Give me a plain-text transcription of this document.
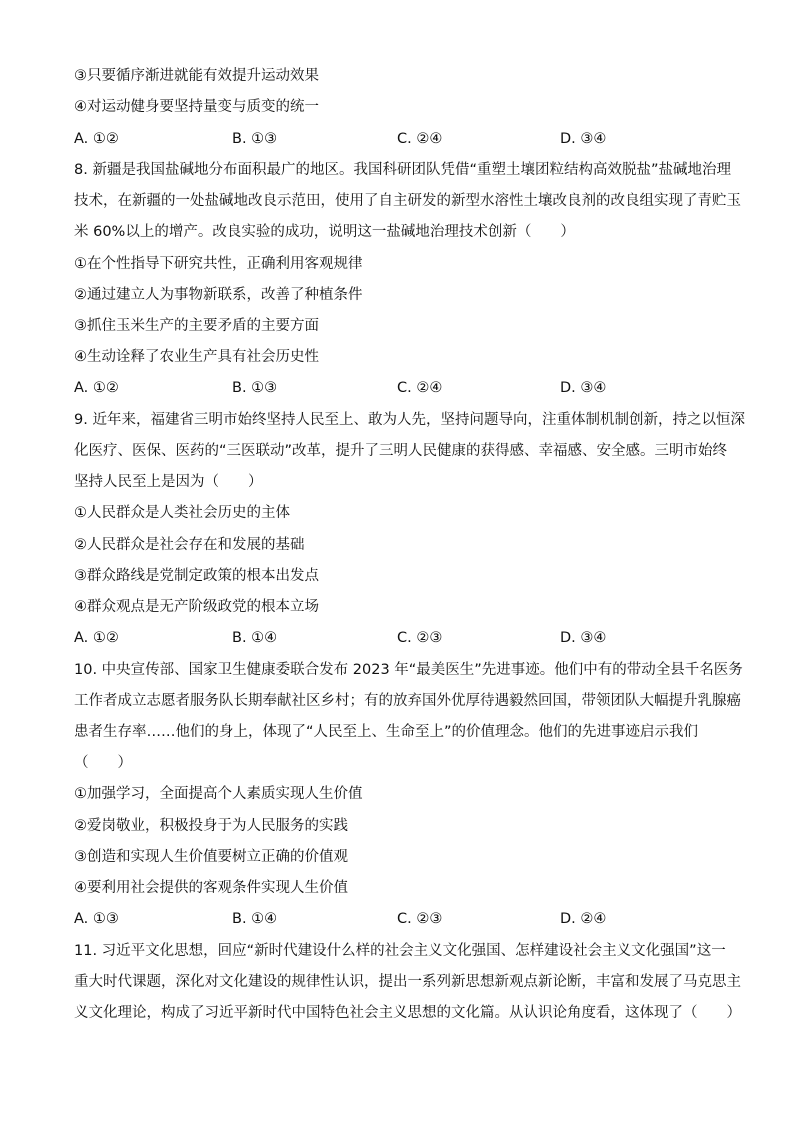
③只要循序渐进就能有效提升运动效果
④对运动健身要坚持量变与质变的统一
A. ①②	B. ①③	C. ②④	D. ③④
8. 新疆是我国盐碱地分布面积最广的地区。我国科研团队凭借“重塑土壤团粒结构高效脱盐”盐碱地治理
技术，在新疆的一处盐碱地改良示范田，使用了自主研发的新型水溶性土壤改良剂的改良组实现了青贮玉
米 60%以上的增产。改良实验的成功，说明这一盐碱地治理技术创新（　　）
①在个性指导下研究共性，正确利用客观规律
②通过建立人为事物新联系，改善了种植条件
③抓住玉米生产的主要矛盾的主要方面
④生动诠释了农业生产具有社会历史性
A. ①②	B. ①③	C. ②④	D. ③④
9. 近年来，福建省三明市始终坚持人民至上、敢为人先，坚持问题导向，注重体制机制创新，持之以恒深
化医疗、医保、医药的“三医联动”改革，提升了三明人民健康的获得感、幸福感、安全感。三明市始终
坚持人民至上是因为（　　）
①人民群众是人类社会历史的主体
②人民群众是社会存在和发展的基础
③群众路线是党制定政策的根本出发点
④群众观点是无产阶级政党的根本立场
A. ①②	B. ①④	C. ②③	D. ③④
10. 中央宣传部、国家卫生健康委联合发布 2023 年“最美医生”先进事迹。他们中有的带动全县千名医务
工作者成立志愿者服务队长期奉献社区乡村；有的放弃国外优厚待遇毅然回国，带领团队大幅提升乳腺癌
患者生存率……他们的身上，体现了“人民至上、生命至上”的价值理念。他们的先进事迹启示我们
（　　）
①加强学习，全面提高个人素质实现人生价值
②爱岗敬业，积极投身于为人民服务的实践
③创造和实现人生价值要树立正确的价值观
④要利用社会提供的客观条件实现人生价值
A. ①③	B. ①④	C. ②③	D. ②④
11. 习近平文化思想，回应“新时代建设什么样的社会主义文化强国、怎样建设社会主义文化强国”这一
重大时代课题，深化对文化建设的规律性认识，提出一系列新思想新观点新论断，丰富和发展了马克思主
义文化理论，构成了习近平新时代中国特色社会主义思想的文化篇。从认识论角度看，这体现了（　　）
